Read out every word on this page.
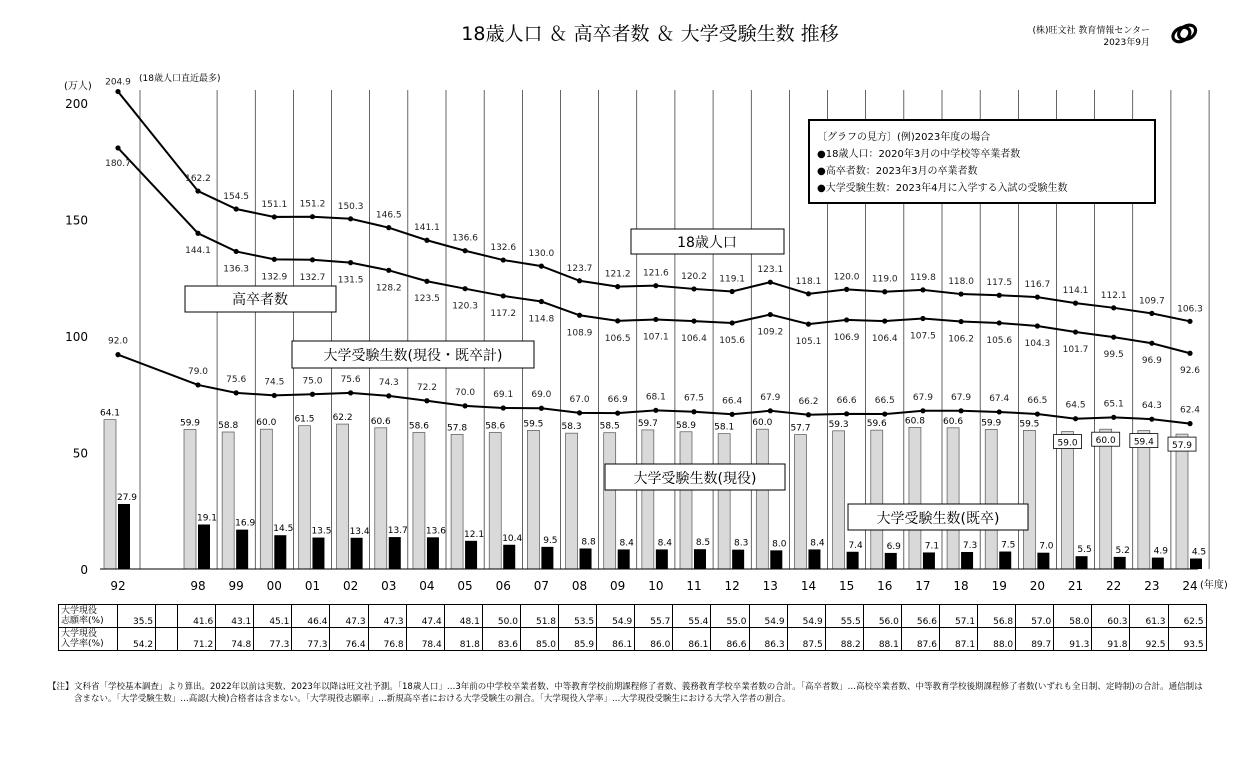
18歳人口 ＆ 高卒者数 ＆ 大学受験生数 推移	(株)旺文社 教育情報センター
2023年9月
(万人)
(年度)
(18歳人口直近最多)
0
50
100
150
200
64.1
59.9 58.8 60.0 61.5 62.2 60.6 58.6 57.8 58.6 59.5 58.3 58.5 59.7 58.9 58.1 60.0
57.7 59.3 59.6 60.8 60.6 59.9 59.5
59.0 60.0 59.4 57.9
27.9
19.1
16.9
14.5 13.5 13.4 13.7 13.6 12.1 10.4 9.5	8.8	8.4	8.4	8.5	8.3	8.0	8.4	7.4	6.9	7.1	7.3	7.5	7.0	5.5	5.2	4.9	4.5
204.9
162.2
154.5
151.1 151.2 150.3
146.5
141.1
136.6
132.6
130.0
123.7
121.2 121.6 120.2 119.1
123.1
118.1 120.0 119.0 119.8 118.0 117.5 116.7
114.1 112.1
109.7
106.3
180.7
144.1
136.3
132.9 132.7 131.5
128.2
123.5
120.3
117.2
114.8
108.9
106.5 107.1 106.4 105.6
109.2
105.1 106.9 106.4 107.5 106.2 105.6 104.3
101.7
99.5
96.9
92.6
92.0
79.0
75.6 74.5 75.0 75.6 74.3 72.2
70.0 69.1 69.0 67.0 66.9 68.1 67.5 66.4 67.9 66.2 66.6 66.5 67.9 67.9 67.4 66.5 64.5 65.1 64.3 62.4
92	98 99 00 01 02 03 04 05 06 07 08 09 10 11 12 13 14 15 16 17 18 19 20 21 22 23 24
18歳人口
高卒者数
大学受験生数(現役・既卒計)
大学受験生数(現役)
大学受験生数(既卒)
〔グラフの見方〕(例)2023年度の場合
●18歳人口：2020年3月の中学校等卒業者数
●高卒者数：2023年3月の卒業者数
●大学受験生数：2023年4月に入学する入試の受験生数
大学現役
志願率(%)	35.5		41.6	43.1	45.1	46.4	47.3	47.3	47.4	48.1	50.0	51.8	53.5	54.9	55.7	55.4	55.0	54.9	54.9	55.5	56.0	56.6	57.1	56.8	57.0	58.0	60.3	61.3	62.5

大学現役
入学率(%)	54.2		71.2	74.8	77.3	77.3	76.4	76.8	78.4	81.8	83.6	85.0	85.9	86.1	86.0	86.1	86.6	86.3	87.5	88.2	88.1	87.6	87.1	88.0	89.7	91.3	91.8	92.5	93.5
【注】 文科省「学校基本調査」より算出。2022年以前は実数、2023年以降は旺文社予測。「18歳人口」…3年前の中学校卒業者数、中等教育学校前期課程修了者数、義務教育学校卒業者数の合計。「高卒者数」…高校卒業者数、中等教育学校後期課程修了者数(いずれも全日制、定時制)の合計。通信制は含まない。「大学受験生数」…高認(大検)合格者は含まない。「大学現役志願率」…新規高卒者における大学受験生の割合。「大学現役入学率」…大学現役受験生における大学入学者の割合。
